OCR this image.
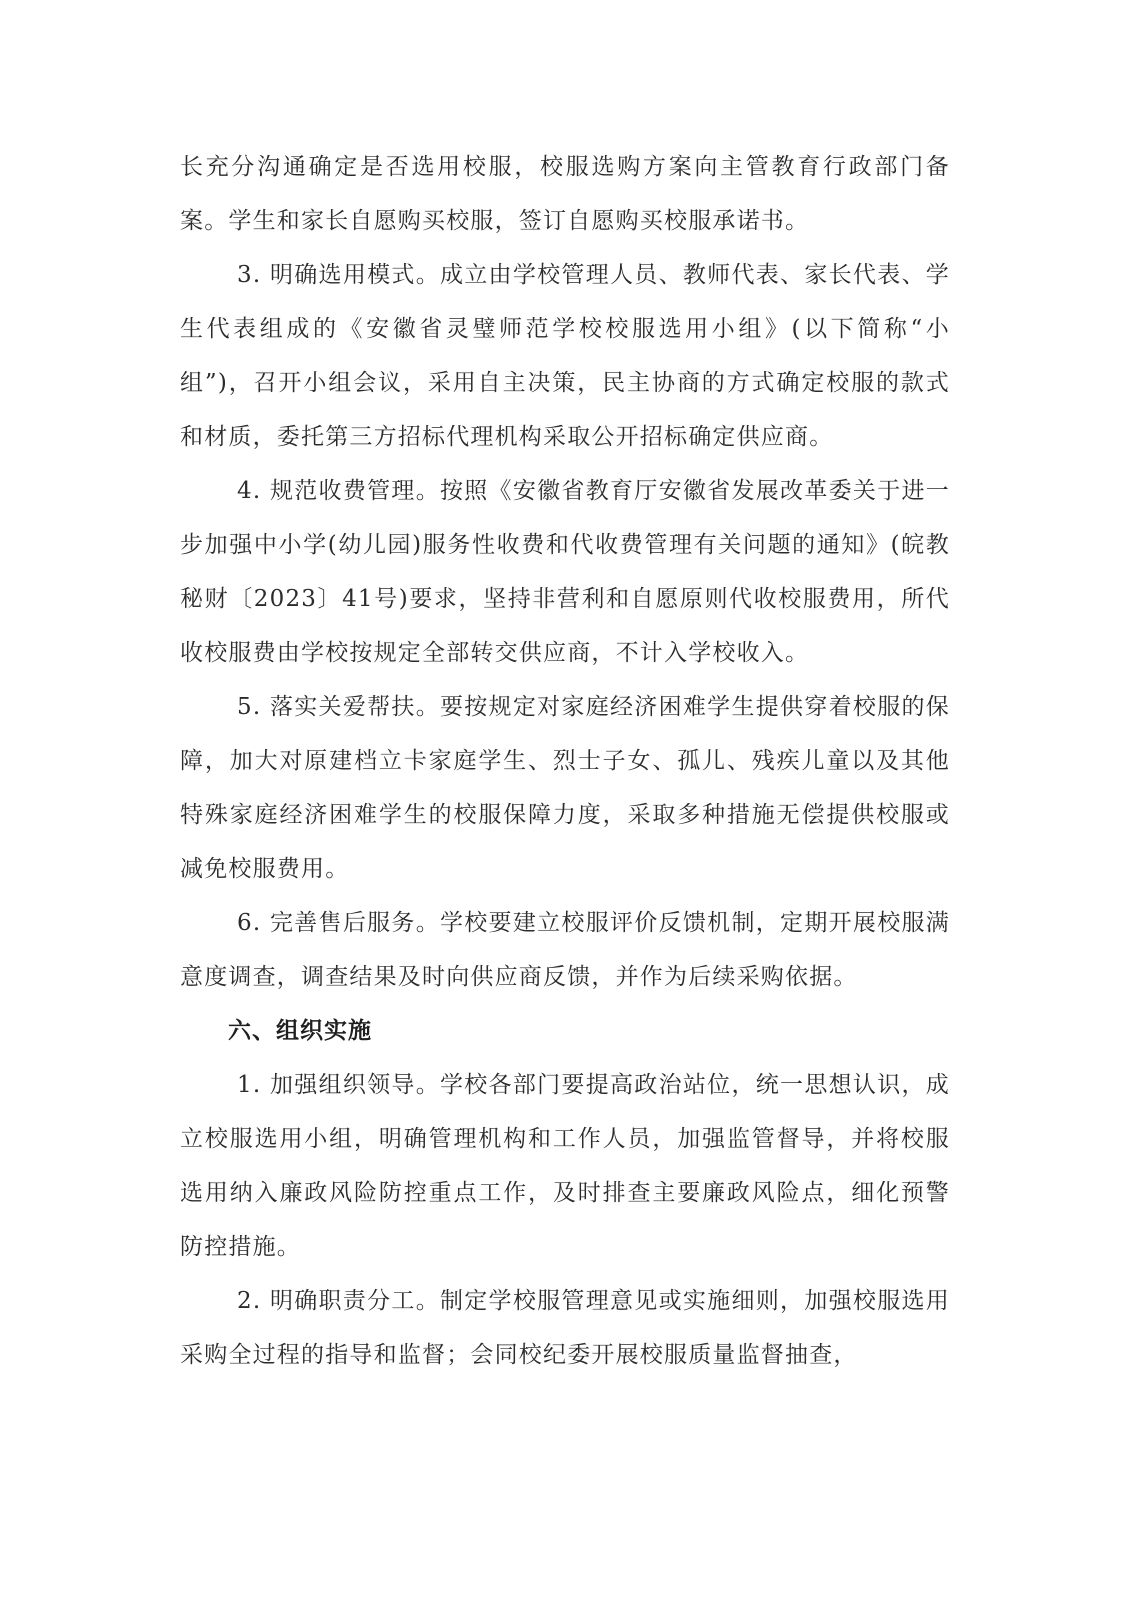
长充分沟通确定是否选用校服，校服选购方案向主管教育行政部门备案。学生和家长自愿购买校服，签订自愿购买校服承诺书。

3. 明确选用模式。成立由学校管理人员、教师代表、家长代表、学生代表组成的《安徽省灵璧师范学校校服选用小组》(以下简称“小组”)，召开小组会议，采用自主决策，民主协商的方式确定校服的款式和材质，委托第三方招标代理机构采取公开招标确定供应商。

4. 规范收费管理。按照《安徽省教育厅安徽省发展改革委关于进一步加强中小学(幼儿园)服务性收费和代收费管理有关问题的通知》(皖教秘财〔2023〕41号)要求，坚持非营利和自愿原则代收校服费用，所代收校服费由学校按规定全部转交供应商，不计入学校收入。

5. 落实关爱帮扶。要按规定对家庭经济困难学生提供穿着校服的保障，加大对原建档立卡家庭学生、烈士子女、孤儿、残疾儿童以及其他特殊家庭经济困难学生的校服保障力度，采取多种措施无偿提供校服或减免校服费用。

6. 完善售后服务。学校要建立校服评价反馈机制，定期开展校服满意度调查，调查结果及时向供应商反馈，并作为后续采购依据。

六、组织实施

1. 加强组织领导。学校各部门要提高政治站位，统一思想认识，成立校服选用小组，明确管理机构和工作人员，加强监管督导，并将校服选用纳入廉政风险防控重点工作，及时排查主要廉政风险点，细化预警防控措施。

2. 明确职责分工。制定学校服管理意见或实施细则，加强校服选用采购全过程的指导和监督；会同校纪委开展校服质量监督抽查，
